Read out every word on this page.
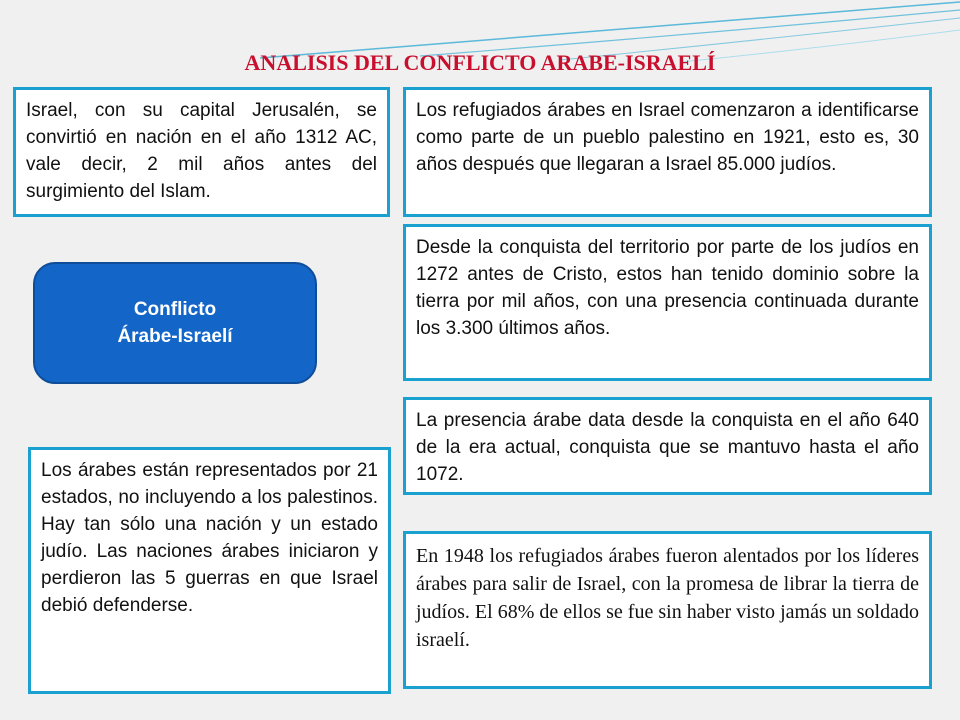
ANALISIS DEL CONFLICTO ARABE-ISRAELÍ

Israel, con su capital Jerusalén, se convirtió en nación en el año 1312 AC, vale decir, 2 mil años antes del surgimiento del Islam.

Los refugiados árabes en Israel comenzaron a identificarse como parte de un pueblo palestino en 1921, esto es, 30 años después que llegaran a Israel 85.000 judíos.

Conflicto
Árabe-Israelí

Desde la conquista del territorio por parte de los judíos en 1272 antes de Cristo, estos han tenido dominio sobre la tierra por mil años, con una presencia continuada durante los 3.300 últimos años.

La presencia árabe data desde la conquista en el año 640 de la era actual, conquista que se mantuvo hasta el año 1072.

Los árabes están representados por 21 estados, no incluyendo a los palestinos. Hay tan sólo una nación y un estado judío. Las naciones árabes iniciaron y perdieron las 5 guerras en que Israel debió defenderse.

En 1948 los refugiados árabes fueron alentados por los líderes árabes para salir de Israel, con la promesa de librar la tierra de judíos. El 68% de ellos se fue sin haber visto jamás un soldado israelí.
